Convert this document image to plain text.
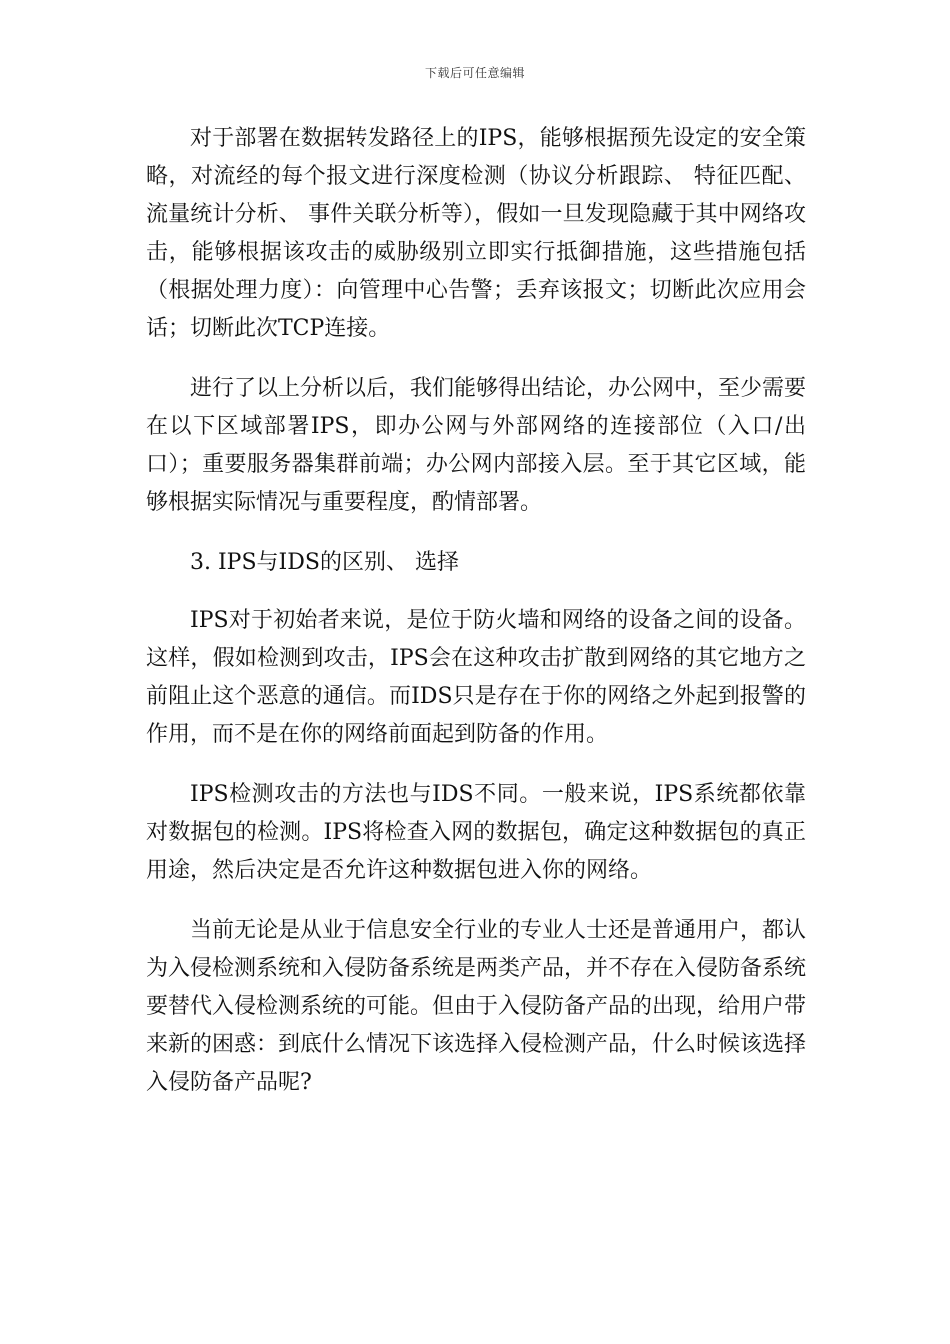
下载后可任意编辑

对于部署在数据转发路径上的IPS，能够根据预先设定的安全策略，对流经的每个报文进行深度检测（协议分析跟踪、 特征匹配、 流量统计分析、 事件关联分析等），假如一旦发现隐藏于其中网络攻击，能够根据该攻击的威胁级别立即实行抵御措施，这些措施包括（根据处理力度）：向管理中心告警；丢弃该报文；切断此次应用会话；切断此次TCP连接。

进行了以上分析以后，我们能够得出结论，办公网中，至少需要在以下区域部署IPS，即办公网与外部网络的连接部位（入口/出口）；重要服务器集群前端；办公网内部接入层。至于其它区域，能够根据实际情况与重要程度，酌情部署。

3. IPS与IDS的区别、 选择

IPS对于初始者来说，是位于防火墙和网络的设备之间的设备。这样，假如检测到攻击，IPS会在这种攻击扩散到网络的其它地方之前阻止这个恶意的通信。而IDS只是存在于你的网络之外起到报警的作用，而不是在你的网络前面起到防备的作用。

IPS检测攻击的方法也与IDS不同。一般来说，IPS系统都依靠对数据包的检测。IPS将检查入网的数据包，确定这种数据包的真正用途，然后决定是否允许这种数据包进入你的网络。

当前无论是从业于信息安全行业的专业人士还是普通用户，都认为入侵检测系统和入侵防备系统是两类产品，并不存在入侵防备系统要替代入侵检测系统的可能。但由于入侵防备产品的出现，给用户带来新的困惑：到底什么情况下该选择入侵检测产品，什么时候该选择入侵防备产品呢?
